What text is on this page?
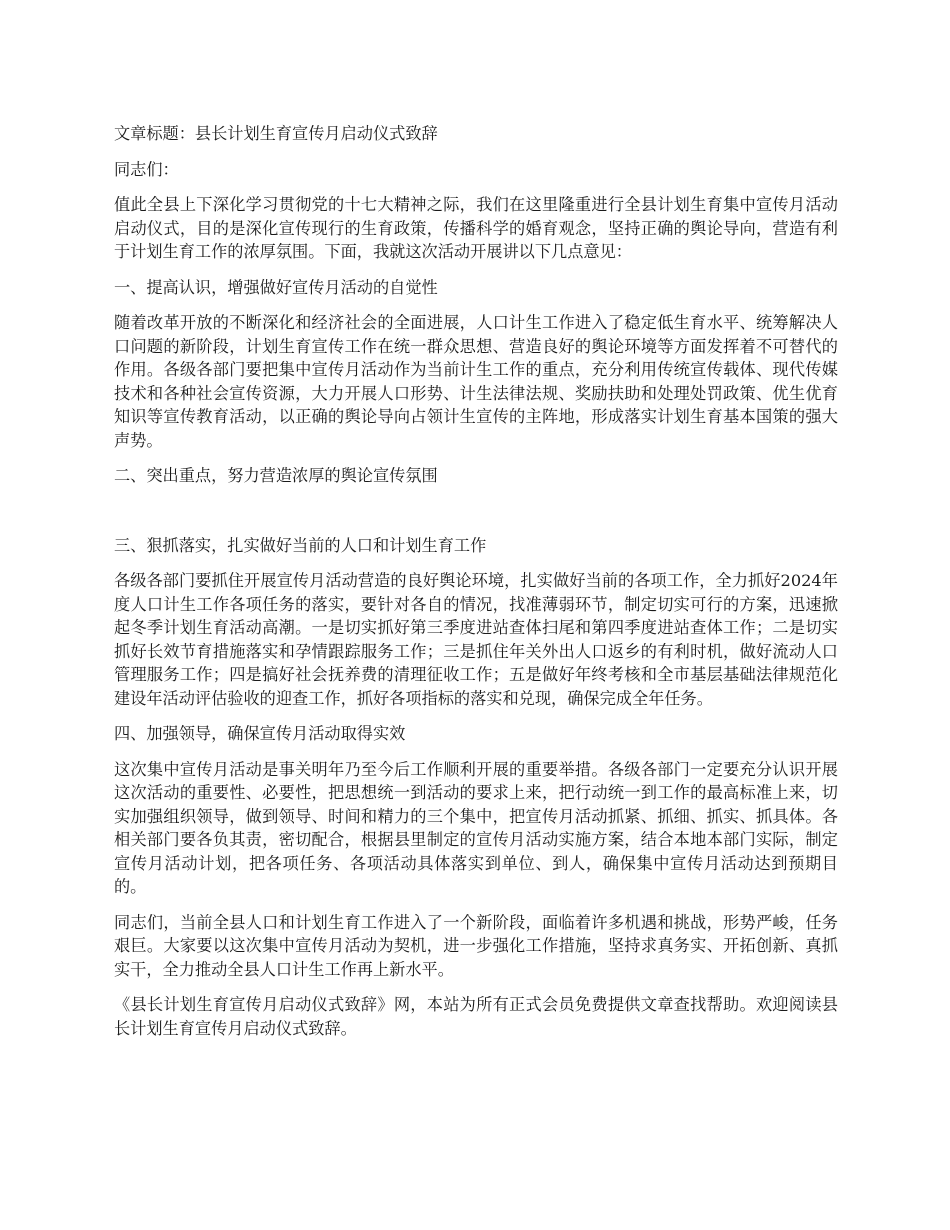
文章标题：县长计划生育宣传月启动仪式致辞

同志们：

值此全县上下深化学习贯彻党的十七大精神之际，我们在这里隆重进行全县计划生育集中宣传月活动启动仪式，目的是深化宣传现行的生育政策，传播科学的婚育观念，坚持正确的舆论导向，营造有利于计划生育工作的浓厚氛围。下面，我就这次活动开展讲以下几点意见：

一、提高认识，增强做好宣传月活动的自觉性

随着改革开放的不断深化和经济社会的全面进展，人口计生工作进入了稳定低生育水平、统筹解决人口问题的新阶段，计划生育宣传工作在统一群众思想、营造良好的舆论环境等方面发挥着不可替代的作用。各级各部门要把集中宣传月活动作为当前计生工作的重点，充分利用传统宣传载体、现代传媒技术和各种社会宣传资源，大力开展人口形势、计生法律法规、奖励扶助和处理处罚政策、优生优育知识等宣传教育活动，以正确的舆论导向占领计生宣传的主阵地，形成落实计划生育基本国策的强大声势。

二、突出重点，努力营造浓厚的舆论宣传氛围

三、狠抓落实，扎实做好当前的人口和计划生育工作

各级各部门要抓住开展宣传月活动营造的良好舆论环境，扎实做好当前的各项工作，全力抓好2024年度人口计生工作各项任务的落实，要针对各自的情况，找准薄弱环节，制定切实可行的方案，迅速掀起冬季计划生育活动高潮。一是切实抓好第三季度进站查体扫尾和第四季度进站查体工作；二是切实抓好长效节育措施落实和孕情跟踪服务工作；三是抓住年关外出人口返乡的有利时机，做好流动人口管理服务工作；四是搞好社会抚养费的清理征收工作；五是做好年终考核和全市基层基础法律规范化建设年活动评估验收的迎查工作，抓好各项指标的落实和兑现，确保完成全年任务。

四、加强领导，确保宣传月活动取得实效

这次集中宣传月活动是事关明年乃至今后工作顺利开展的重要举措。各级各部门一定要充分认识开展这次活动的重要性、必要性，把思想统一到活动的要求上来，把行动统一到工作的最高标准上来，切实加强组织领导，做到领导、时间和精力的三个集中，把宣传月活动抓紧、抓细、抓实、抓具体。各相关部门要各负其责，密切配合，根据县里制定的宣传月活动实施方案，结合本地本部门实际，制定宣传月活动计划，把各项任务、各项活动具体落实到单位、到人，确保集中宣传月活动达到预期目的。

同志们，当前全县人口和计划生育工作进入了一个新阶段，面临着许多机遇和挑战，形势严峻，任务艰巨。大家要以这次集中宣传月活动为契机，进一步强化工作措施，坚持求真务实、开拓创新、真抓实干，全力推动全县人口计生工作再上新水平。

《县长计划生育宣传月启动仪式致辞》网，本站为所有正式会员免费提供文章查找帮助。欢迎阅读县长计划生育宣传月启动仪式致辞。
